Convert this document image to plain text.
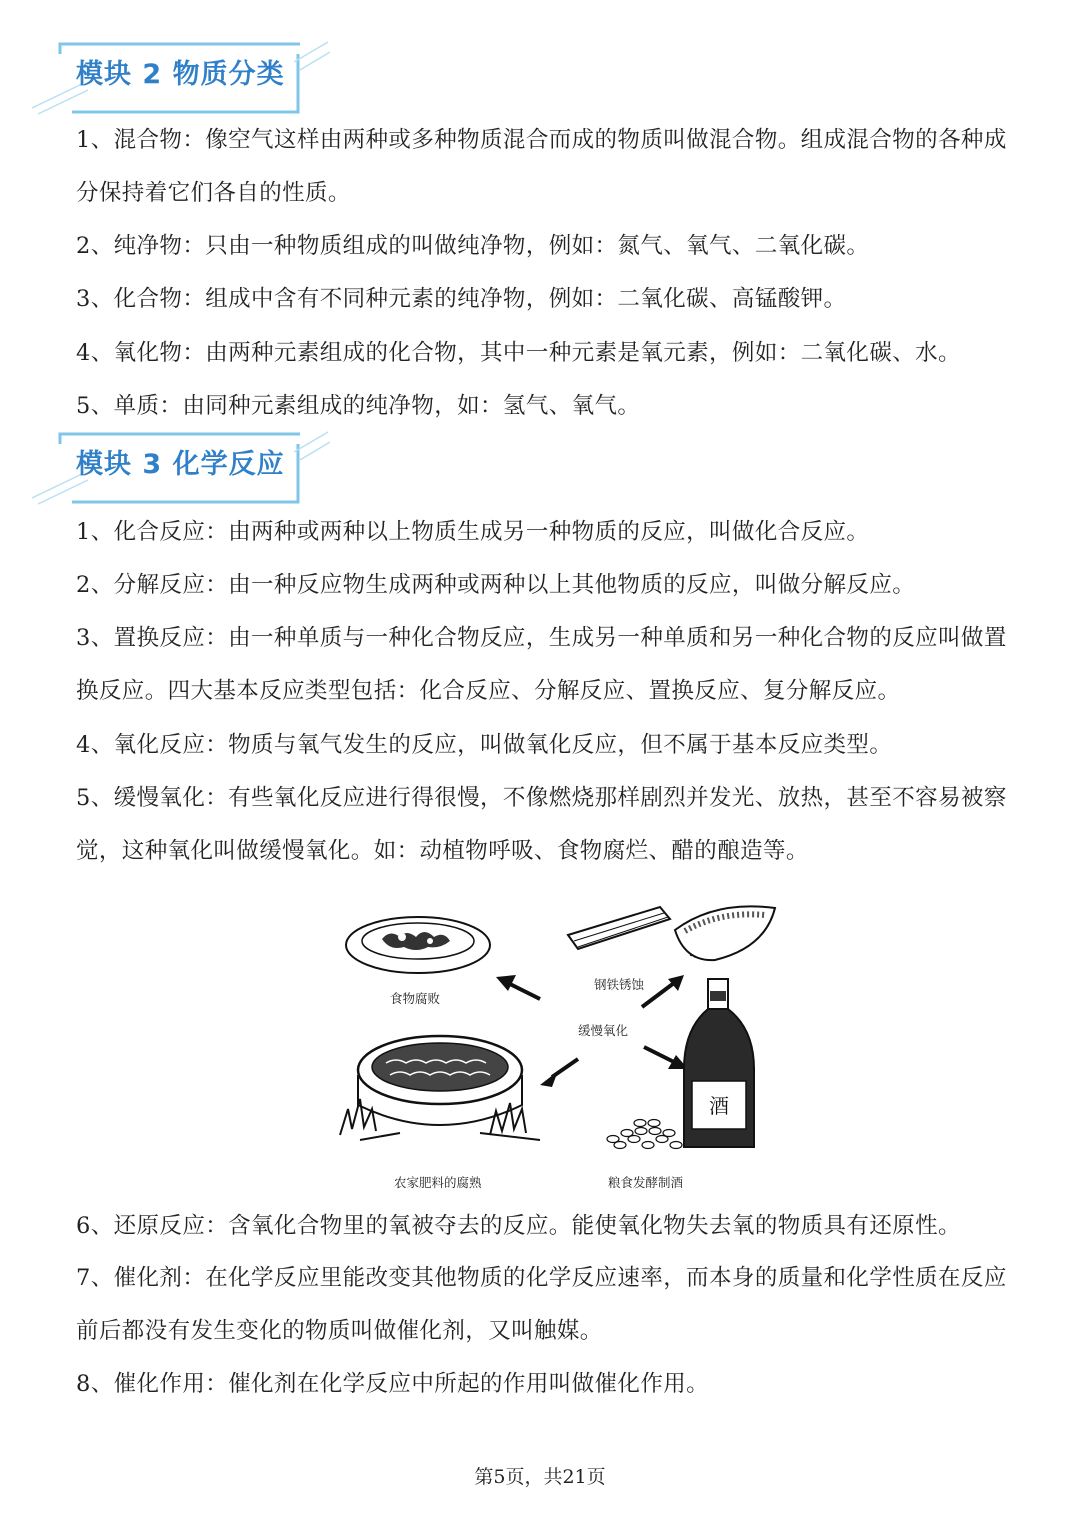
模块 2 物质分类

1、混合物：像空气这样由两种或多种物质混合而成的物质叫做混合物。组成混合物的各种成分保持着它们各自的性质。

2、纯净物：只由一种物质组成的叫做纯净物，例如：氮气、氧气、二氧化碳。

3、化合物：组成中含有不同种元素的纯净物，例如：二氧化碳、高锰酸钾。

4、氧化物：由两种元素组成的化合物，其中一种元素是氧元素，例如：二氧化碳、水。

5、单质：由同种元素组成的纯净物，如：氢气、氧气。

模块 3 化学反应

1、化合反应：由两种或两种以上物质生成另一种物质的反应，叫做化合反应。

2、分解反应：由一种反应物生成两种或两种以上其他物质的反应，叫做分解反应。

3、置换反应：由一种单质与一种化合物反应，生成另一种单质和另一种化合物的反应叫做置换反应。四大基本反应类型包括：化合反应、分解反应、置换反应、复分解反应。

4、氧化反应：物质与氧气发生的反应，叫做氧化反应，但不属于基本反应类型。

5、缓慢氧化：有些氧化反应进行得很慢，不像燃烧那样剧烈并发光、放热，甚至不容易被察觉，这种氧化叫做缓慢氧化。如：动植物呼吸、食物腐烂、醋的酿造等。

酒
食物腐败
钢铁锈蚀
缓慢氧化
农家肥料的腐熟	粮食发酵制酒

6、还原反应：含氧化合物里的氧被夺去的反应。能使氧化物失去氧的物质具有还原性。

7、催化剂：在化学反应里能改变其他物质的化学反应速率，而本身的质量和化学性质在反应前后都没有发生变化的物质叫做催化剂，又叫触媒。

8、催化作用：催化剂在化学反应中所起的作用叫做催化作用。

第5页，共21页
